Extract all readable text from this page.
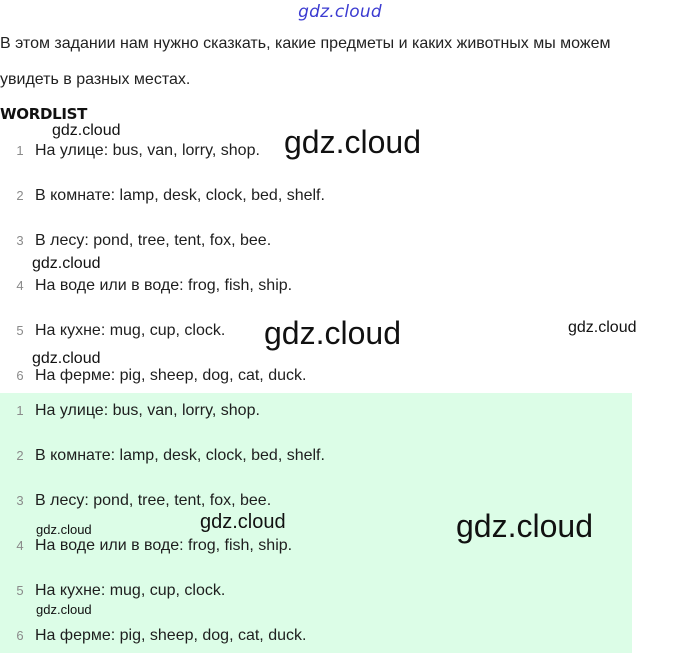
gdz.cloud
В этом задании нам нужно сказкать, какие предметы и каких животных мы можем увидеть в разных местах.
WORDLIST
1 На улице: bus, van, lorry, shop.
2 В комнате: lamp, desk, clock, bed, shelf.
3 В лесу: pond, tree, tent, fox, bee.
4 На воде или в воде: frog, fish, ship.
5 На кухне: mug, cup, clock.
6 На ферме: pig, sheep, dog, cat, duck.
1 На улице: bus, van, lorry, shop.
2 В комнате: lamp, desk, clock, bed, shelf.
3 В лесу: pond, tree, tent, fox, bee.
4 На воде или в воде: frog, fish, ship.
5 На кухне: mug, cup, clock.
6 На ферме: pig, sheep, dog, cat, duck.
gdz.cloud	gdz.cloud
gdz.cloud
gdz.cloud	gdz.cloud
gdz.cloud
gdz.cloud	gdz.cloud	gdz.cloud
gdz.cloud
